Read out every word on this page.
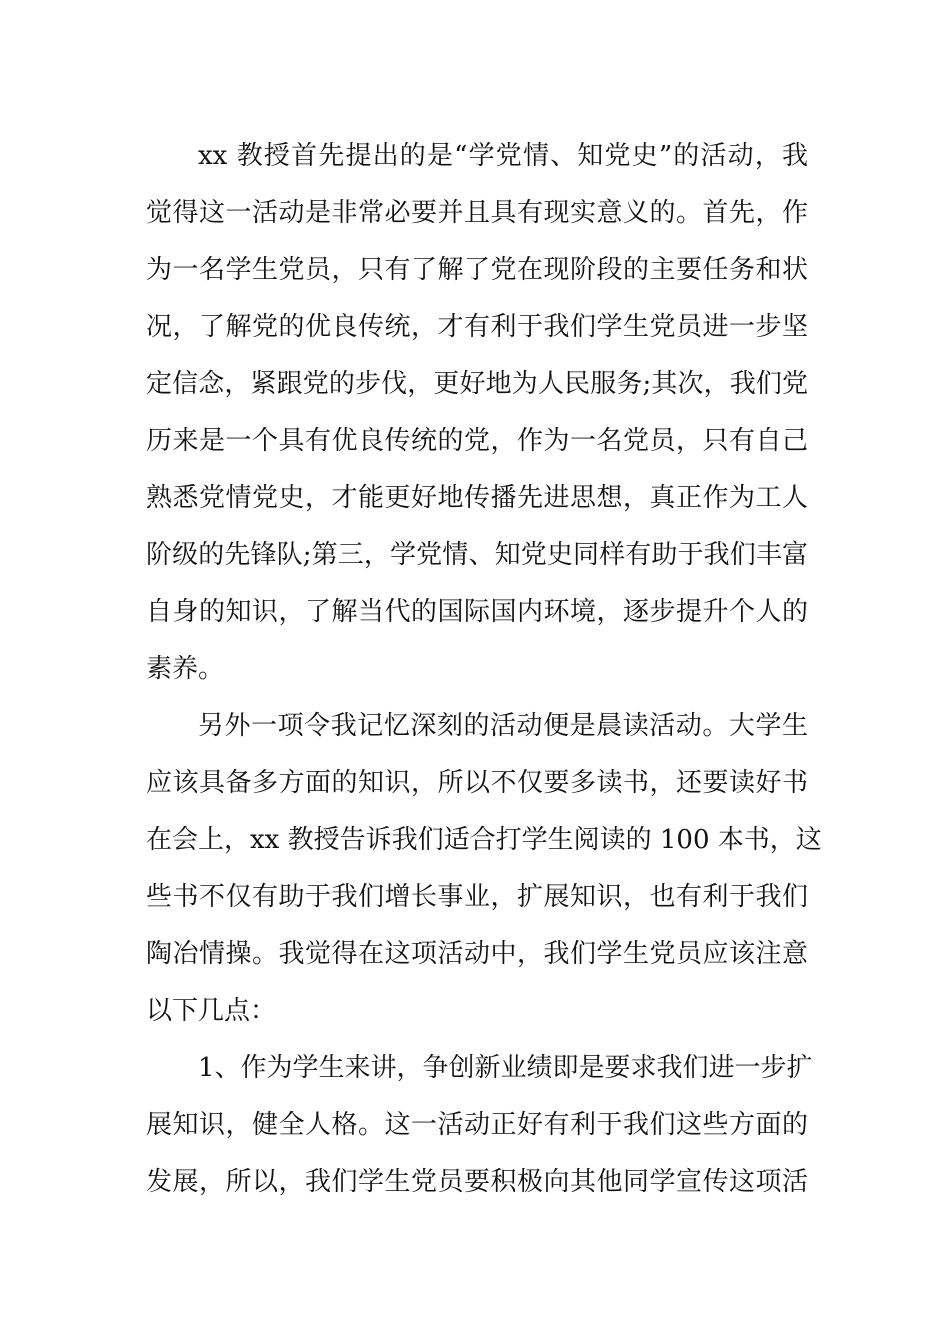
xx 教授首先提出的是“学党情、知党史”的活动，我
觉得这一活动是非常必要并且具有现实意义的。首先，作
为一名学生党员，只有了解了党在现阶段的主要任务和状
况，了解党的优良传统，才有利于我们学生党员进一步坚
定信念，紧跟党的步伐，更好地为人民服务;其次，我们党
历来是一个具有优良传统的党，作为一名党员，只有自己
熟悉党情党史，才能更好地传播先进思想，真正作为工人
阶级的先锋队;第三，学党情、知党史同样有助于我们丰富
自身的知识，了解当代的国际国内环境，逐步提升个人的
素养。
另外一项令我记忆深刻的活动便是晨读活动。大学生
应该具备多方面的知识，所以不仅要多读书，还要读好书
在会上，xx 教授告诉我们适合打学生阅读的 100 本书，这
些书不仅有助于我们增长事业，扩展知识，也有利于我们
陶冶情操。我觉得在这项活动中，我们学生党员应该注意
以下几点：
1、作为学生来讲，争创新业绩即是要求我们进一步扩
展知识，健全人格。这一活动正好有利于我们这些方面的
发展，所以，我们学生党员要积极向其他同学宣传这项活
